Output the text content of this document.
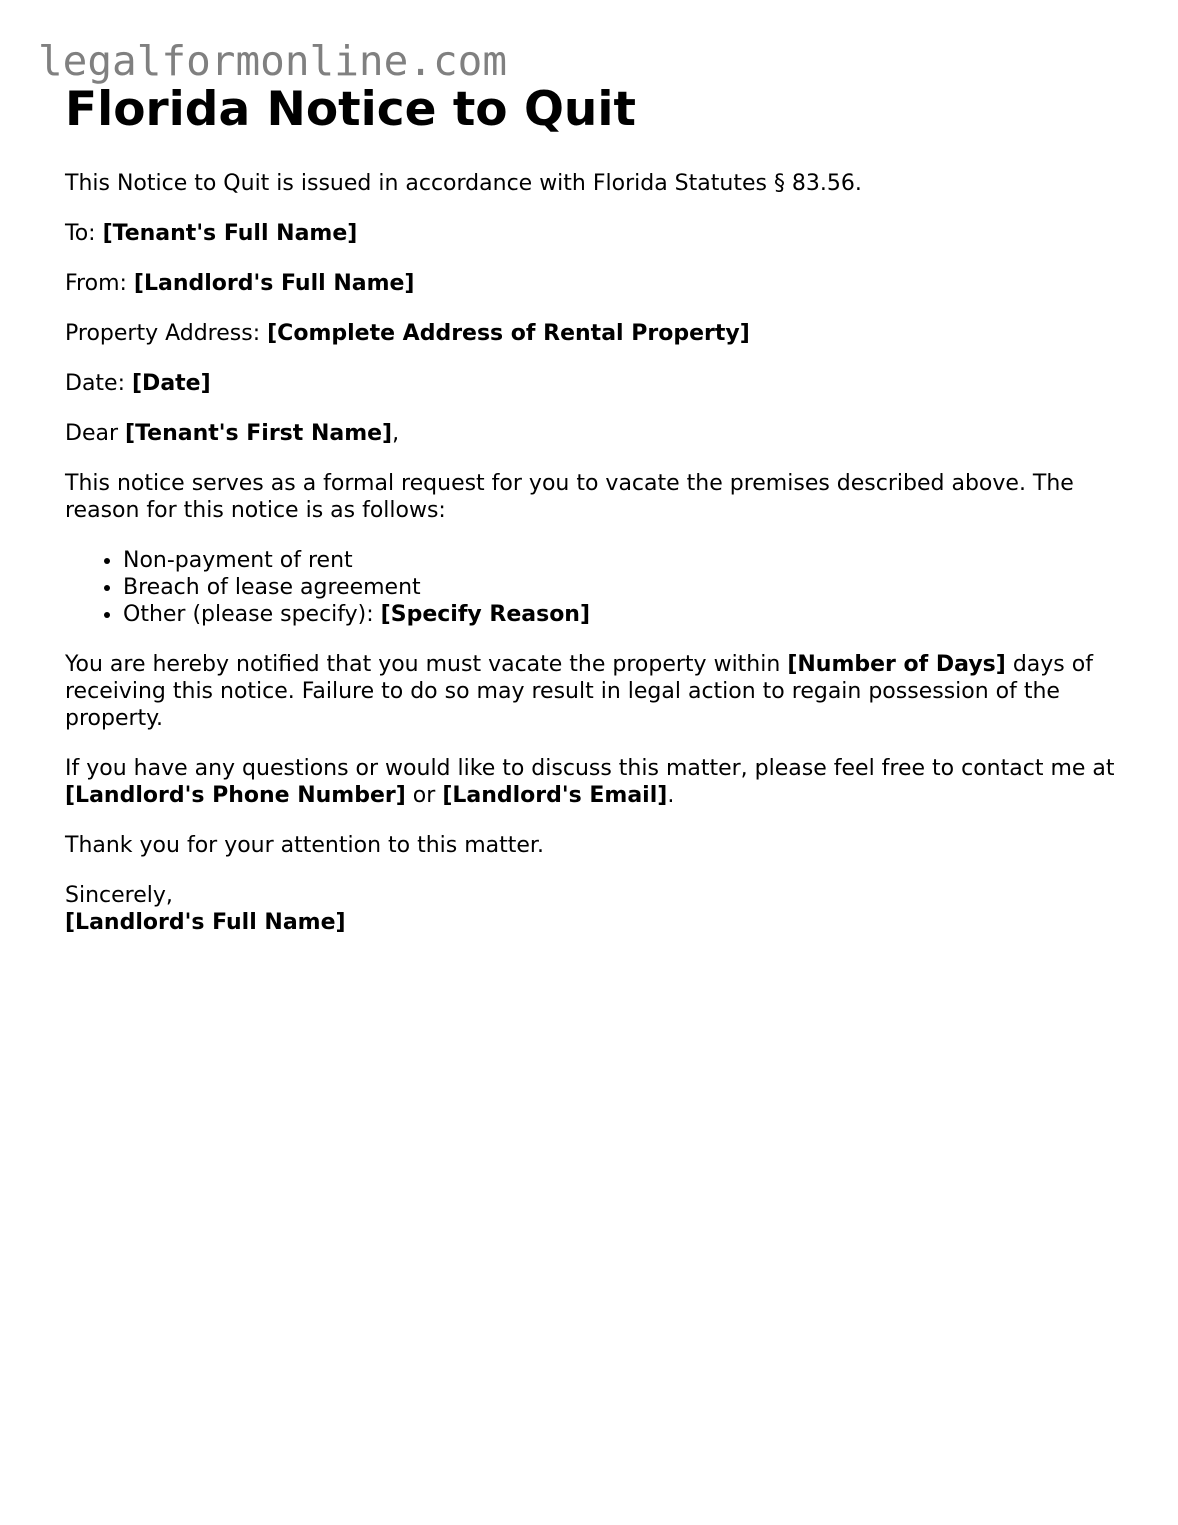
legalformonline.com
Florida Notice to Quit

This Notice to Quit is issued in accordance with Florida Statutes § 83.56.

To: [Tenant's Full Name]

From: [Landlord's Full Name]

Property Address: [Complete Address of Rental Property]

Date: [Date]

Dear [Tenant's First Name],

This notice serves as a formal request for you to vacate the premises described above. The reason for this notice is as follows:

• Non-payment of rent
• Breach of lease agreement
• Other (please specify): [Specify Reason]

You are hereby notified that you must vacate the property within [Number of Days] days of receiving this notice. Failure to do so may result in legal action to regain possession of the property.

If you have any questions or would like to discuss this matter, please feel free to contact me at [Landlord's Phone Number] or [Landlord's Email].

Thank you for your attention to this matter.

Sincerely,

[Landlord's Full Name]
